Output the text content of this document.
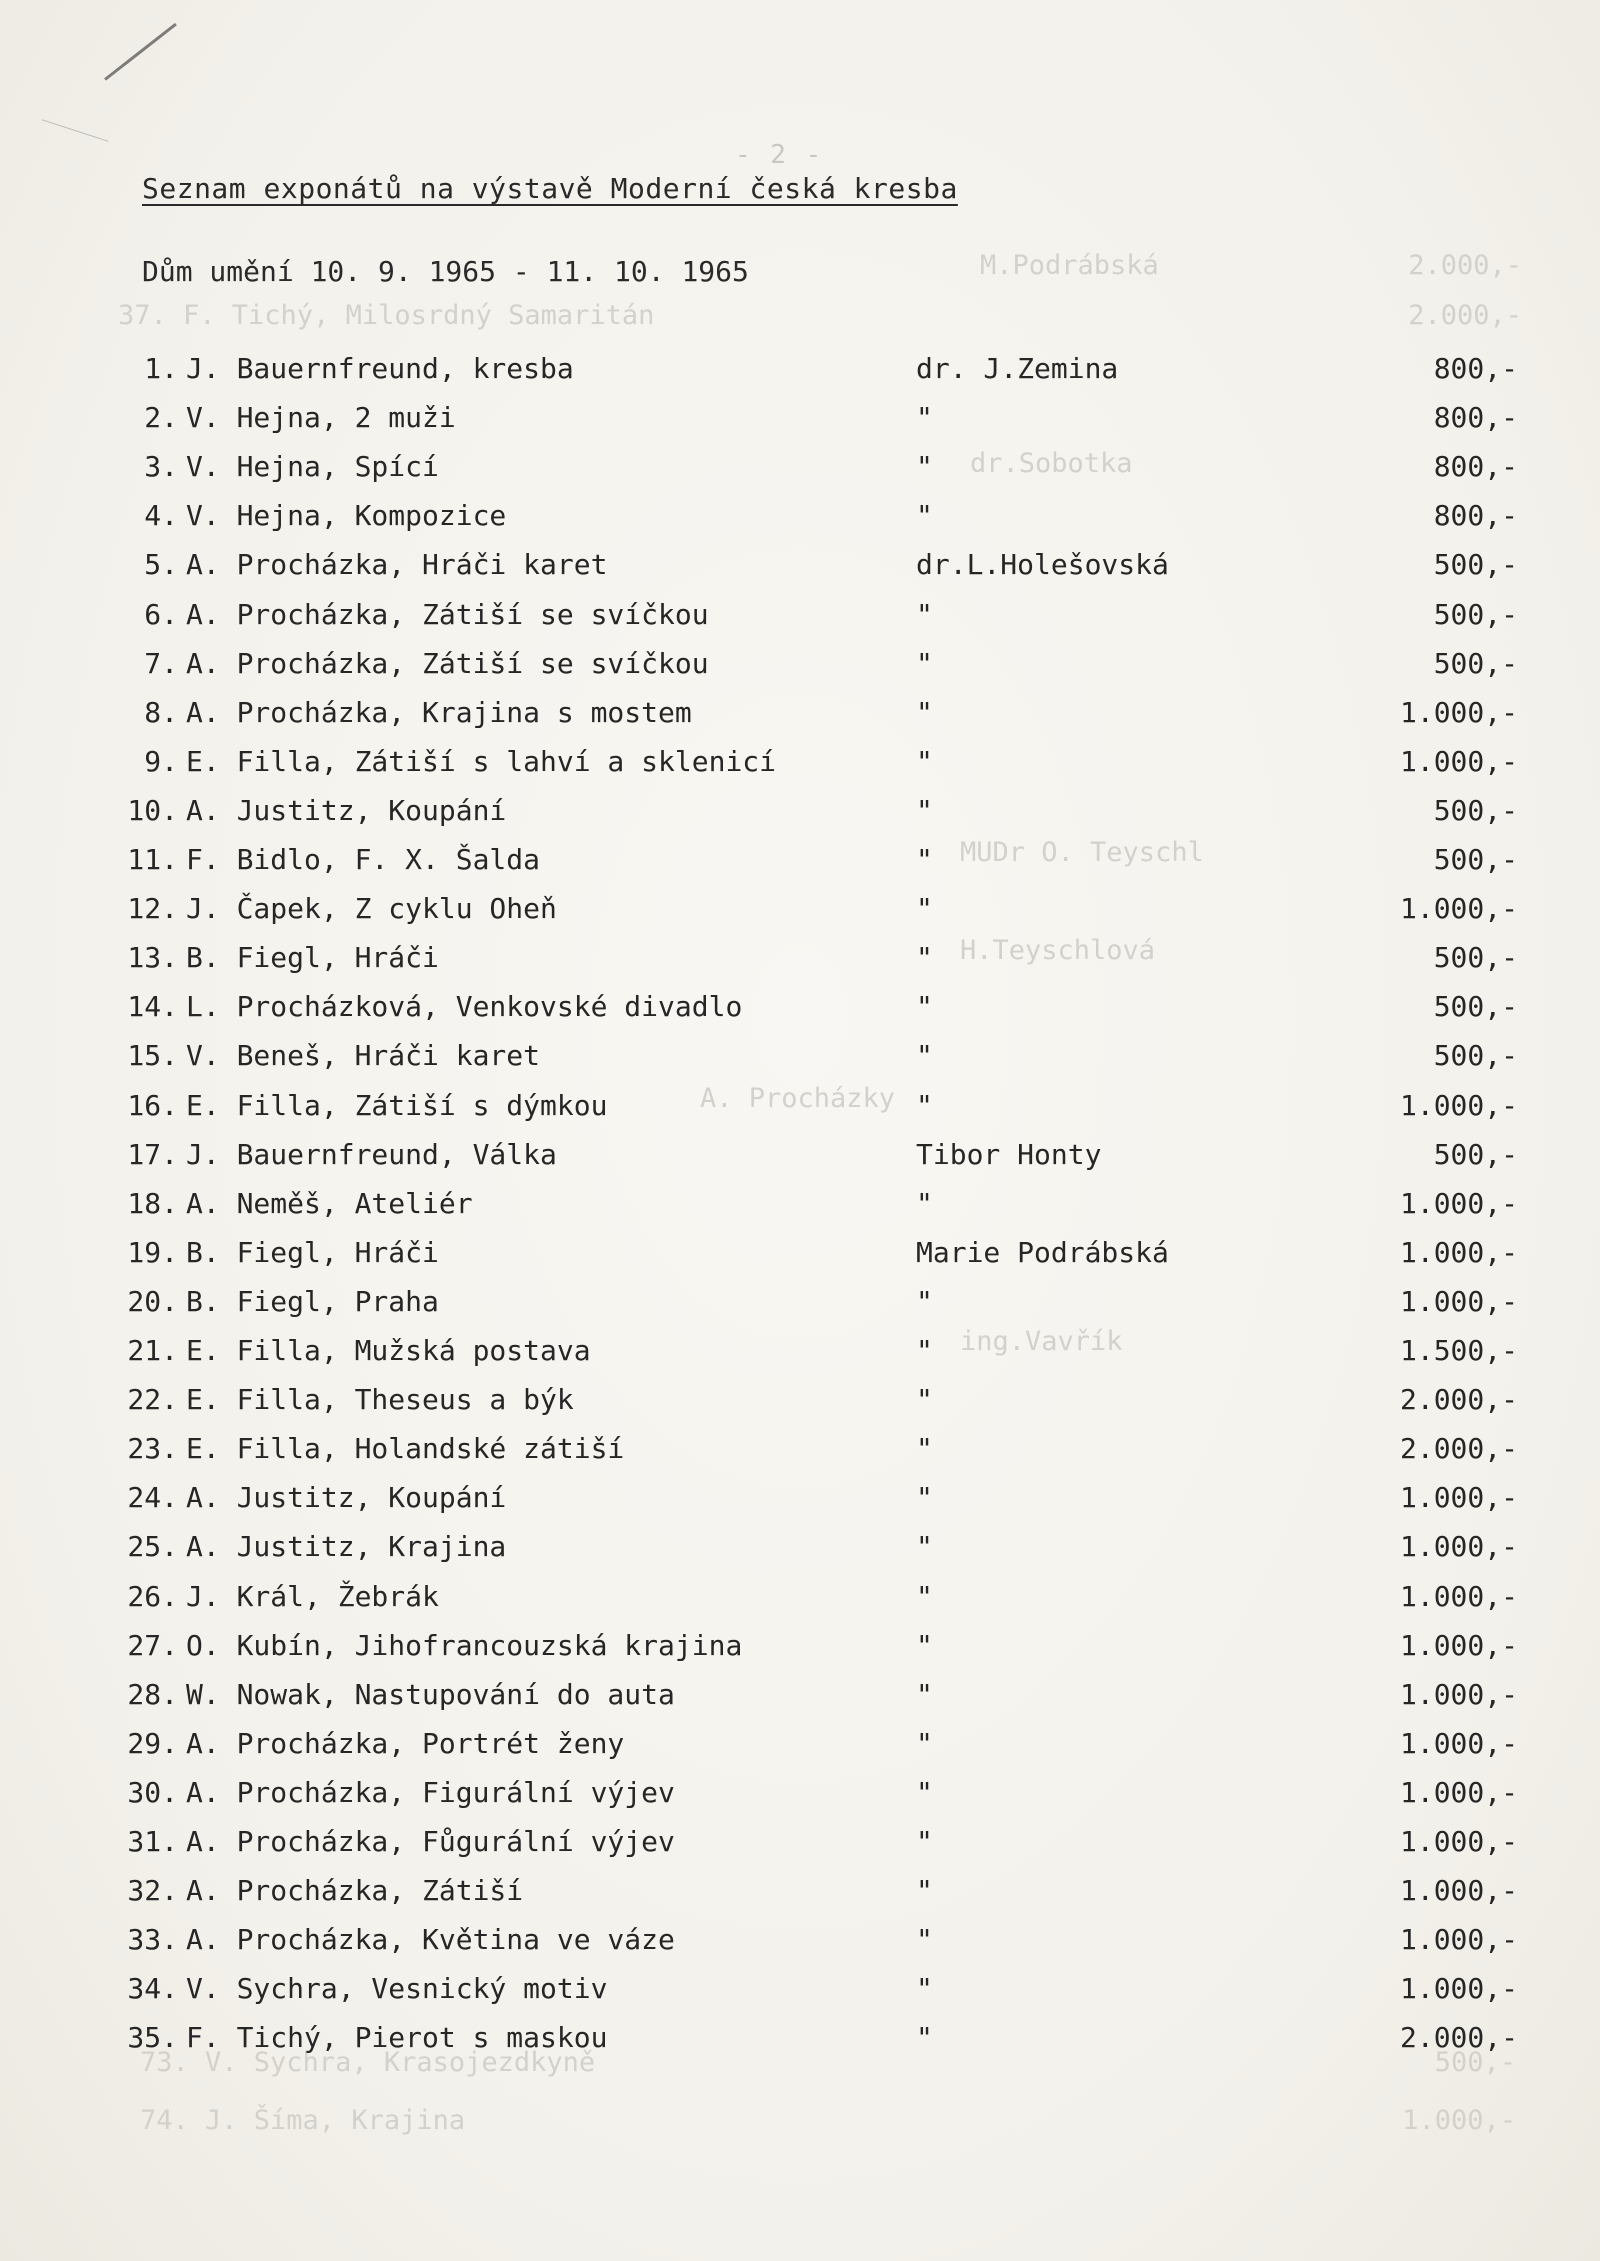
M.Podrábská	2.000,-
37. F. Tichý, Milosrdný Samaritán	2.000,-
dr.Sobotka
MUDr O. Teyschl
H.Teyschlová
A. Procházky
ing.Vavřík
73. V. Sychra, Krasojezdkyně	500,-
74. J. Šíma, Krajina	1.000,-
- 2 -
Seznam exponátů na výstavě Moderní česká kresba
Dům umění 10. 9. 1965 - 11. 10. 1965
1. J. Bauernfreund, kresba	dr. J.Zemina	800,-
2. V. Hejna, 2 muži	"	800,-
3. V. Hejna, Spící	"	800,-
4. V. Hejna, Kompozice	"	800,-
5. A. Procházka, Hráči karet	dr.L.Holešovská	500,-
6. A. Procházka, Zátiší se svíčkou	"	500,-
7. A. Procházka, Zátiší se svíčkou	"	500,-
8. A. Procházka, Krajina s mostem	"	1.000,-
9. E. Filla, Zátiší s lahví a sklenicí	"	1.000,-
10. A. Justitz, Koupání	"	500,-
11. F. Bidlo, F. X. Šalda	"	500,-
12. J. Čapek, Z cyklu Oheň	"	1.000,-
13. B. Fiegl, Hráči	"	500,-
14. L. Procházková, Venkovské divadlo	"	500,-
15. V. Beneš, Hráči karet	"	500,-
16. E. Filla, Zátiší s dýmkou	"	1.000,-
17. J. Bauernfreund, Válka	Tibor Honty	500,-
18. A. Neměš, Ateliér	"	1.000,-
19. B. Fiegl, Hráči	Marie Podrábská	1.000,-
20. B. Fiegl, Praha	"	1.000,-
21. E. Filla, Mužská postava	"	1.500,-
22. E. Filla, Theseus a býk	"	2.000,-
23. E. Filla, Holandské zátiší	"	2.000,-
24. A. Justitz, Koupání	"	1.000,-
25. A. Justitz, Krajina	"	1.000,-
26. J. Král, Žebrák	"	1.000,-
27. O. Kubín, Jihofrancouzská krajina	"	1.000,-
28. W. Nowak, Nastupování do auta	"	1.000,-
29. A. Procházka, Portrét ženy	"	1.000,-
30. A. Procházka, Figurální výjev	"	1.000,-
31. A. Procházka, Fůgurální výjev	"	1.000,-
32. A. Procházka, Zátiší	"	1.000,-
33. A. Procházka, Květina ve váze	"	1.000,-
34. V. Sychra, Vesnický motiv	"	1.000,-
35. F. Tichý, Pierot s maskou	"	2.000,-
